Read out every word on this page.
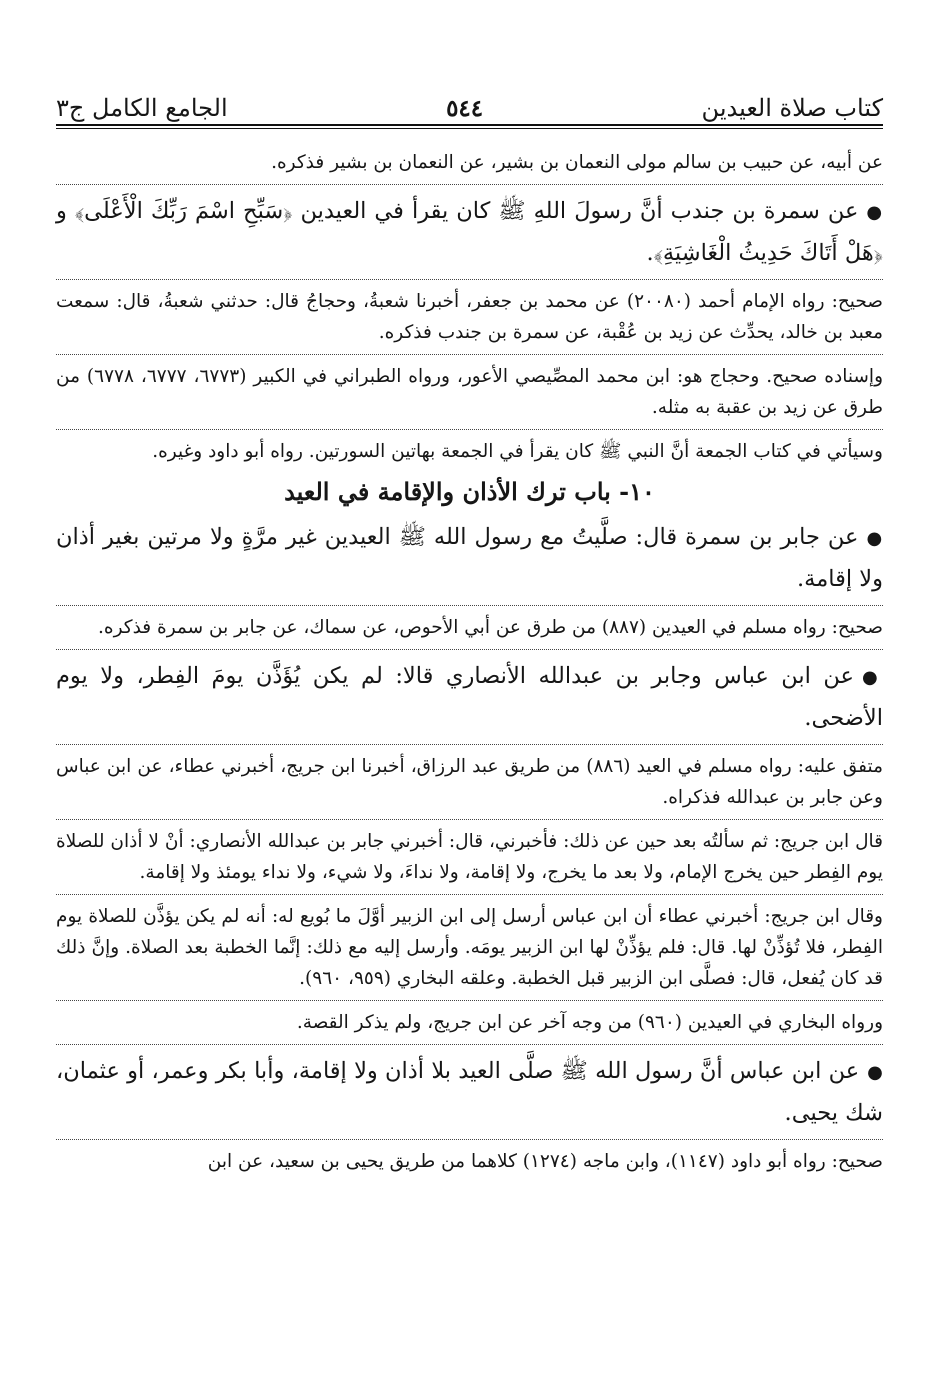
كتاب صلاة العيدين
٥٤٤
الجامع الكامل ج٣

عن أبيه، عن حبيب بن سالم مولى النعمان بن بشير، عن النعمان بن بشير فذكره.

●عن سمرة بن جندب أنَّ رسولَ اللهِ ﷺ كان يقرأ في العيدين ﴿سَبِّحِ اسْمَ رَبِّكَ الْأَعْلَى﴾ و ﴿هَلْ أَتَاكَ حَدِيثُ الْغَاشِيَةِ﴾.

صحيح: رواه الإمام أحمد (٢٠٠٨٠) عن محمد بن جعفر، أخبرنا شعبةُ، وحجاجُ قال: حدثني شعبةُ، قال: سمعت معبد بن خالد، يحدِّث عن زيد بن عُقْبة، عن سمرة بن جندب فذكره.

وإسناده صحيح. وحجاج هو: ابن محمد المصِّيصي الأعور، ورواه الطبراني في الكبير (٦٧٧٣، ٦٧٧٧، ٦٧٧٨) من طرق عن زيد بن عقبة به مثله.

وسيأتي في كتاب الجمعة أنَّ النبي ﷺ كان يقرأ في الجمعة بهاتين السورتين. رواه أبو داود وغيره.

١٠- باب ترك الأذان والإقامة في العيد

●عن جابر بن سمرة قال: صلَّيتُ مع رسول الله ﷺ العيدين غير مرَّةٍ ولا مرتين بغير أذان ولا إقامة.

صحيح: رواه مسلم في العيدين (٨٨٧) من طرق عن أبي الأحوص، عن سماك، عن جابر بن سمرة فذكره.

●عن ابن عباس وجابر بن عبدالله الأنصاري قالا: لم يكن يُؤَذَّن يومَ الفِطر، ولا يوم الأضحى.

متفق عليه: رواه مسلم في العيد (٨٨٦) من طريق عبد الرزاق، أخبرنا ابن جريج، أخبرني عطاء، عن ابن عباس وعن جابر بن عبدالله فذكراه.

قال ابن جريج: ثم سألتُه بعد حين عن ذلك: فأخبرني، قال: أخبرني جابر بن عبدالله الأنصاري: أنْ لا أذان للصلاة يوم الفِطر حين يخرج الإمام، ولا بعد ما يخرج، ولا إقامة، ولا نداءَ، ولا شيء، ولا نداء يومئذ ولا إقامة.

وقال ابن جريج: أخبرني عطاء أن ابن عباس أرسل إلى ابن الزبير أوَّلَ ما بُويع له: أنه لم يكن يؤذَّن للصلاة يوم الفِطر، فلا تُؤذِّنْ لها. قال: فلم يؤذِّنْ لها ابن الزبير يومَه. وأرسل إليه مع ذلك: إنَّما الخطبة بعد الصلاة. وإنَّ ذلك قد كان يُفعل، قال: فصلَّى ابن الزبير قبل الخطبة. وعلقه البخاري (٩٥٩، ٩٦٠).

ورواه البخاري في العيدين (٩٦٠) من وجه آخر عن ابن جريج، ولم يذكر القصة.

●عن ابن عباس أنَّ رسول الله ﷺ صلَّى العيد بلا أذان ولا إقامة، وأبا بكر وعمر، أو عثمان، شك يحيى.

صحيح: رواه أبو داود (١١٤٧)، وابن ماجه (١٢٧٤) كلاهما من طريق يحيى بن سعيد، عن ابن
